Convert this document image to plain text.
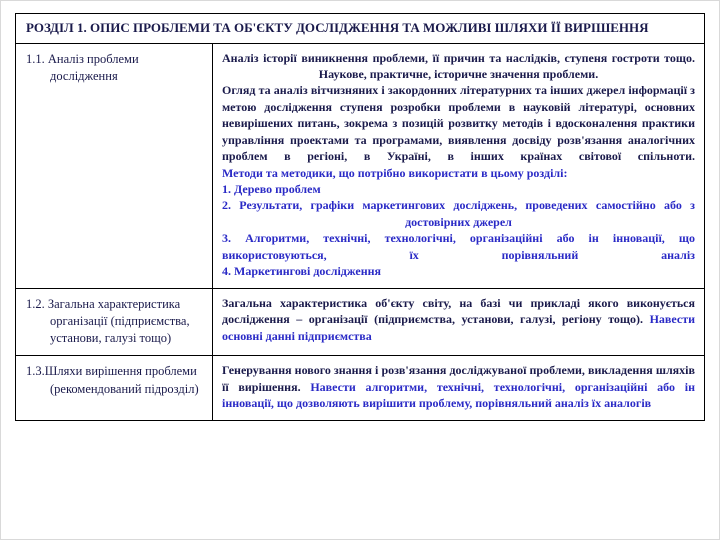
РОЗДІЛ 1. ОПИС ПРОБЛЕМИ ТА ОБ'ЄКТУ ДОСЛІДЖЕННЯ ТА МОЖЛИВІ ШЛЯХИ ЇЇ ВИРІШЕННЯ
1.1. Аналіз проблеми дослідження
Аналіз історії виникнення проблеми, її причин та наслідків, ступеня гостроти тощо. Наукове, практичне, історичне значення проблеми.
Огляд та аналіз вітчизняних і закордонних літературних та інших джерел інформації з метою дослідження ступеня розробки проблеми в науковій літературі, основних невирішених питань, зокрема з позицій розвитку методів і вдосконалення практики управління проектами та програмами, виявлення досвіду розв'язання аналогічних проблем в регіоні, в Україні, в інших країнах світової спільноти.
Методи та методики, що потрібно використати в цьому розділі:
1. Дерево проблем
2. Результати, графіки маркетингових досліджень, проведених самостійно або з достовірних джерел
3. Алгоритми, технічні, технологічні, організаційні або ін інновації, що використовуються, їх порівняльний аналіз
4. Маркетингові дослідження
1.2. Загальна характеристика організації (підприємства, установи, галузі тощо)
Загальна характеристика об'єкту світу, на базі чи прикладі якого виконується дослідження – організації (підприємства, установи, галузі, регіону тощо). Навести основні данні підприємства
1.3.Шляхи вирішення проблеми (рекомендований підрозділ)
Генерування нового знання і розв'язання досліджуваної проблеми, викладення шляхів її вирішення. Навести алгоритми, технічні, технологічні, організаційні або ін інновації, що дозволяють вирішити проблему, порівняльний аналіз їх аналогів
